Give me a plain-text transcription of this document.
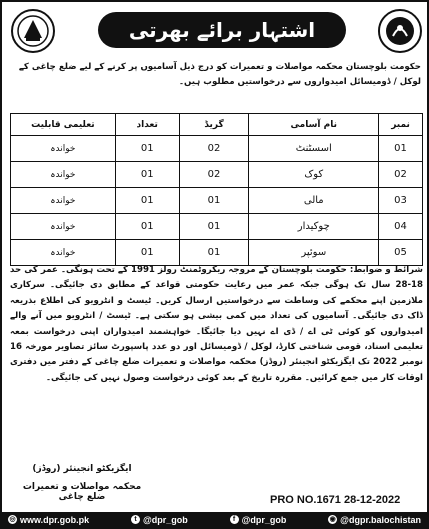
اشتہار برائے بھرتی
حکومت بلوچستان محکمہ مواصلات و تعمیرات کو درج ذیل آسامیوں پر کرنے کے لیے ضلع چاغی کے لوکل / ڈومیسائل امیدواروں سے درخواستیں مطلوب ہیں۔
نمبر	نام آسامی	گریڈ	تعداد	تعلیمی قابلیت
01	اسسٹنٹ	02	01	خواندہ
02	کوک	02	01	خواندہ
03	مالی	01	01	خواندہ
04	چوکیدار	01	01	خواندہ
05	سوئپر	01	01	خواندہ
شرائط و ضوابط: حکومت بلوچستان کے مروجہ ریکروٹمنٹ رولز 1991 کے تحت ہونگی۔ عمر کی حد 18-28 سال تک ہوگی جبکہ عمر میں رعایت حکومتی قواعد کے مطابق دی جائیگی۔ سرکاری ملازمین اپنے محکمے کی وساطت سے درخواستیں ارسال کریں۔ ٹیسٹ و انٹرویو کی اطلاع بذریعہ ڈاک دی جائیگی۔ آسامیوں کی تعداد میں کمی بیشی ہو سکتی ہے۔ ٹیسٹ / انٹرویو میں آنے والے امیدواروں کو کوئی ٹی اے / ڈی اے نہیں دیا جائیگا۔ خواہشمند امیدواران اپنی درخواست بمعہ تعلیمی اسناد، قومی شناختی کارڈ، لوکل / ڈومیسائل اور دو عدد پاسپورٹ سائز تصاویر مورخہ 16 نومبر 2022 تک ایگزیکٹو انجینئر (روڈز) محکمہ مواصلات و تعمیرات ضلع چاغی کے دفتر میں دفتری اوقات کار میں جمع کرائیں۔ مقررہ تاریخ کے بعد کوئی درخواست وصول نہیں کی جائیگی۔
ایگزیکٹو انجینئر (روڈز)
محکمہ مواصلات و تعمیرات ضلع چاغی	PRO NO.1671 28-12-2022
◎ www.dpr.gob.pk	t @dpr_gob	f @dpr_gob	◉ @dgpr.balochistan
